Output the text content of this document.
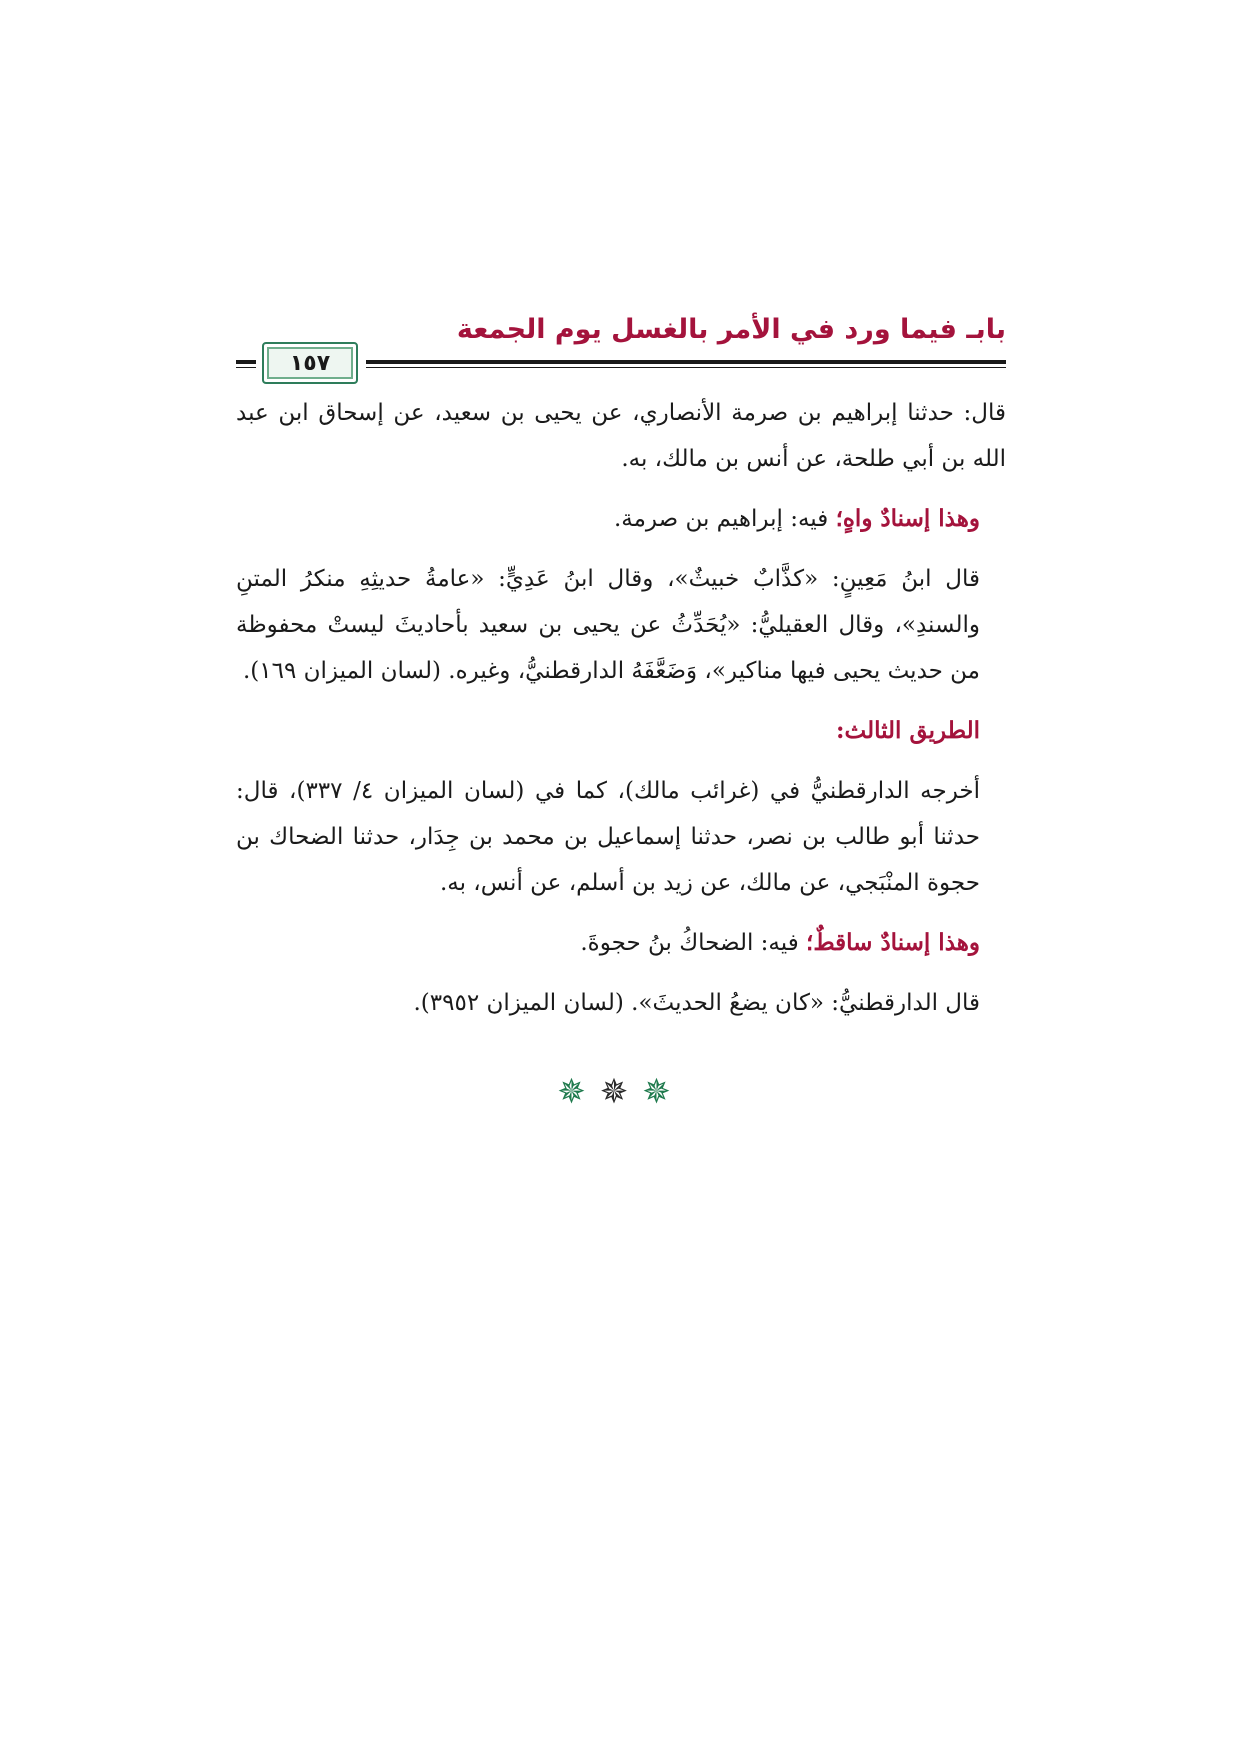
بابـ فيما ورد في الأمر بالغسل يوم الجمعة
١٥٧

قال: حدثنا إبراهيم بن صرمة الأنصاري، عن يحيى بن سعيد، عن إسحاق ابن عبد الله بن أبي طلحة، عن أنس بن مالك، به.

وهذا إسنادٌ واهٍ؛ فيه: إبراهيم بن صرمة.

قال ابنُ مَعِينٍ: «كذَّابٌ خبيثٌ»، وقال ابنُ عَدِيٍّ: «عامةُ حديثِهِ منكرُ المتنِ والسندِ»، وقال العقيليُّ: «يُحَدِّثُ عن يحيى بن سعيد بأحاديثَ ليستْ محفوظة من حديث يحيى فيها مناكير»، وَضَعَّفَهُ الدارقطنيُّ، وغيره. (لسان الميزان ١٦٩).

الطريق الثالث:

أخرجه الدارقطنيُّ في (غرائب مالك)، كما في (لسان الميزان ٤/ ٣٣٧)، قال: حدثنا أبو طالب بن نصر، حدثنا إسماعيل بن محمد بن جِدَار، حدثنا الضحاك بن حجوة المنْبَجي، عن مالك، عن زيد بن أسلم، عن أنس، به.

وهذا إسنادٌ ساقطٌ؛ فيه: الضحاكُ بنُ حجوةَ.

قال الدارقطنيُّ: «كان يضعُ الحديثَ». (لسان الميزان ٣٩٥٢).

✵✵✵
